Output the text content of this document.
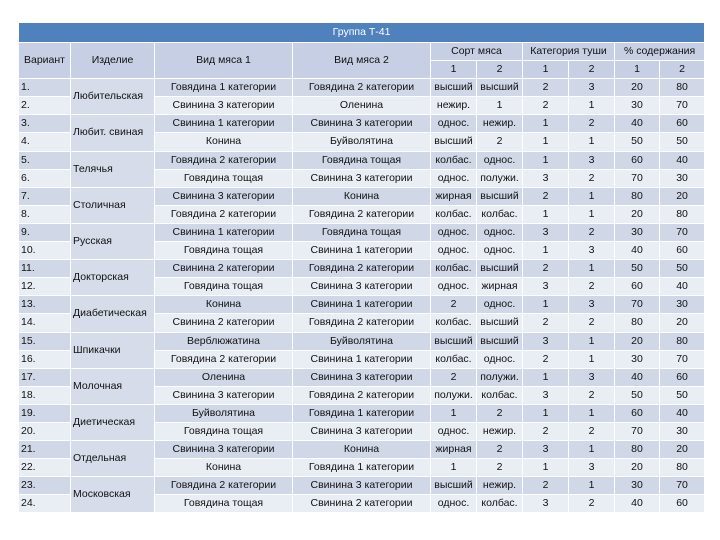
Группа Т-41									
Вариант	Изделие	Вид мяса 1	Вид мяса 2	Сорт мяса		Категория туши		% содержания	
				1	2	1	2	1	2
1.	Любительская	Говядина 1 категории	Говядина 2 категории	высший	высший	2	3	20	80
2.		Свинина 3 категории	Оленина	нежир.	1	2	1	30	70
3.	Любит. свиная	Свинина 1 категории	Свинина 3 категории	однос.	нежир.	1	2	40	60
4.		Конина	Буйволятина	высший	2	1	1	50	50
5.	Телячья	Говядина 2 категории	Говядина тощая	колбас.	однос.	1	3	60	40
6.		Говядина тощая	Свинина 3 категории	однос.	полужи.	3	2	70	30
7.	Столичная	Свинина 3 категории	Конина	жирная	высший	2	1	80	20
8.		Говядина 2 категории	Говядина 2 категории	колбас.	колбас.	1	1	20	80
9.	Русская	Свинина 1 категории	Говядина тощая	однос.	однос.	3	2	30	70
10.		Говядина тощая	Свинина 1 категории	однос.	однос.	1	3	40	60
11.	Докторская	Свинина 2 категории	Говядина 2 категории	колбас.	высший	2	1	50	50
12.		Говядина тощая	Свинина 3 категории	однос.	жирная	3	2	60	40
13.	Диабетическая	Конина	Свинина 1 категории	2	однос.	1	3	70	30
14.		Свинина 2 категории	Говядина 2 категории	колбас.	высший	2	2	80	20
15.	Шпикачки	Верблюжатина	Буйволятина	высший	высший	3	1	20	80
16.		Говядина 2 категории	Свинина 1 категории	колбас.	однос.	2	1	30	70
17.	Молочная	Оленина	Свинина 3 категории	2	полужи.	1	3	40	60
18.		Свинина 3 категории	Говядина 2 категории	полужи.	колбас.	3	2	50	50
19.	Диетическая	Буйволятина	Говядина 1 категории	1	2	1	1	60	40
20.		Говядина тощая	Свинина 3 категории	однос.	нежир.	2	2	70	30
21.	Отдельная	Свинина 3 категории	Конина	жирная	2	3	1	80	20
22.		Конина	Говядина 1 категории	1	2	1	3	20	80
23.	Московская	Говядина 2 категории	Свинина 3 категории	высший	нежир.	2	1	30	70
24.		Говядина тощая	Свинина 2 категории	однос.	колбас.	3	2	40	60
